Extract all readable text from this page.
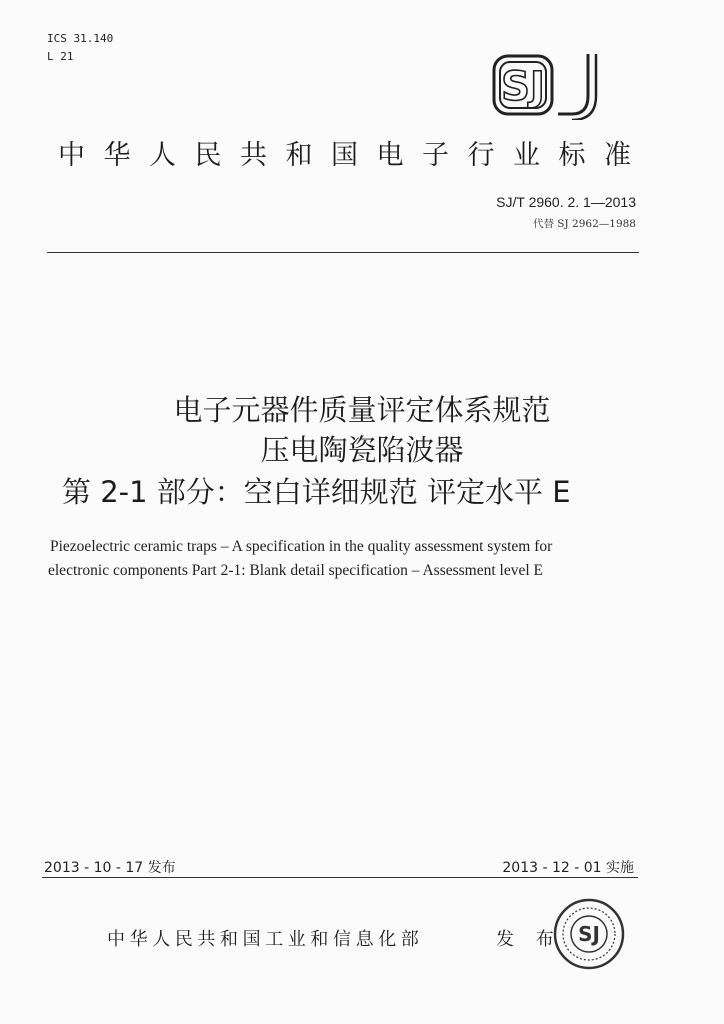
ICS 31.140
L 21
SJ
中华人民共和国电子行业标准
SJ/T 2960. 2. 1—2013
代替 SJ 2962—1988
电子元器件质量评定体系规范
压电陶瓷陷波器
第 2-1 部分：空白详细规范 评定水平 E
Piezoelectric ceramic traps – A specification in the quality assessment system for
electronic components Part 2-1: Blank detail specification – Assessment level E
2013 - 10 - 17 发布	2013 - 12 - 01 实施
中华人民共和国工业和信息化部	发 布 SJ
